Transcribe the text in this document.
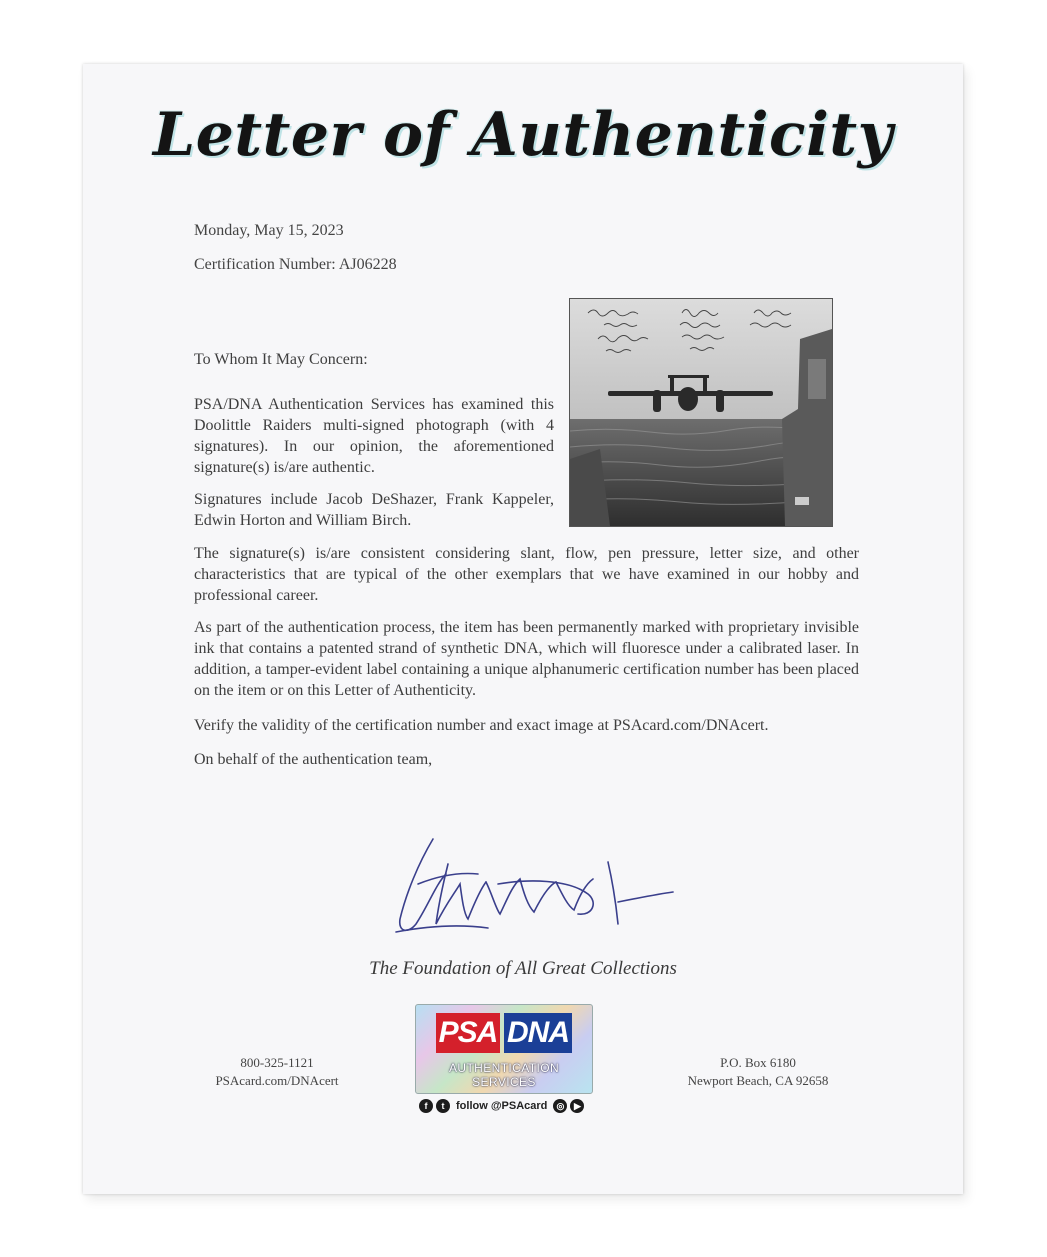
Letter of Authenticity
Monday, May 15, 2023
Certification Number: AJ06228
To Whom It May Concern:
PSA/DNA Authentication Services has examined this Doolittle Raiders multi-signed photograph (with 4 signatures). In our opinion, the aforementioned signature(s) is/are authentic.
Signatures include Jacob DeShazer, Frank Kappeler, Edwin Horton and William Birch.
The signature(s) is/are consistent considering slant, flow, pen pressure, letter size, and other characteristics that are typical of the other exemplars that we have examined in our hobby and professional career.
As part of the authentication process, the item has been permanently marked with proprietary invisible ink that contains a patented strand of synthetic DNA, which will fluoresce under a calibrated laser. In addition, a tamper-evident label containing a unique alphanumeric certification number has been placed on the item or on this Letter of Authenticity.
Verify the validity of the certification number and exact image at PSAcard.com/DNAcert.
On behalf of the authentication team,
The Foundation of All Great Collections
800-325-1121
PSAcard.com/DNAcert
PSA DNA
AUTHENTICATION SERVICES
f	t	follow @PSAcard	◎	▶
P.O. Box 6180
Newport Beach, CA 92658
